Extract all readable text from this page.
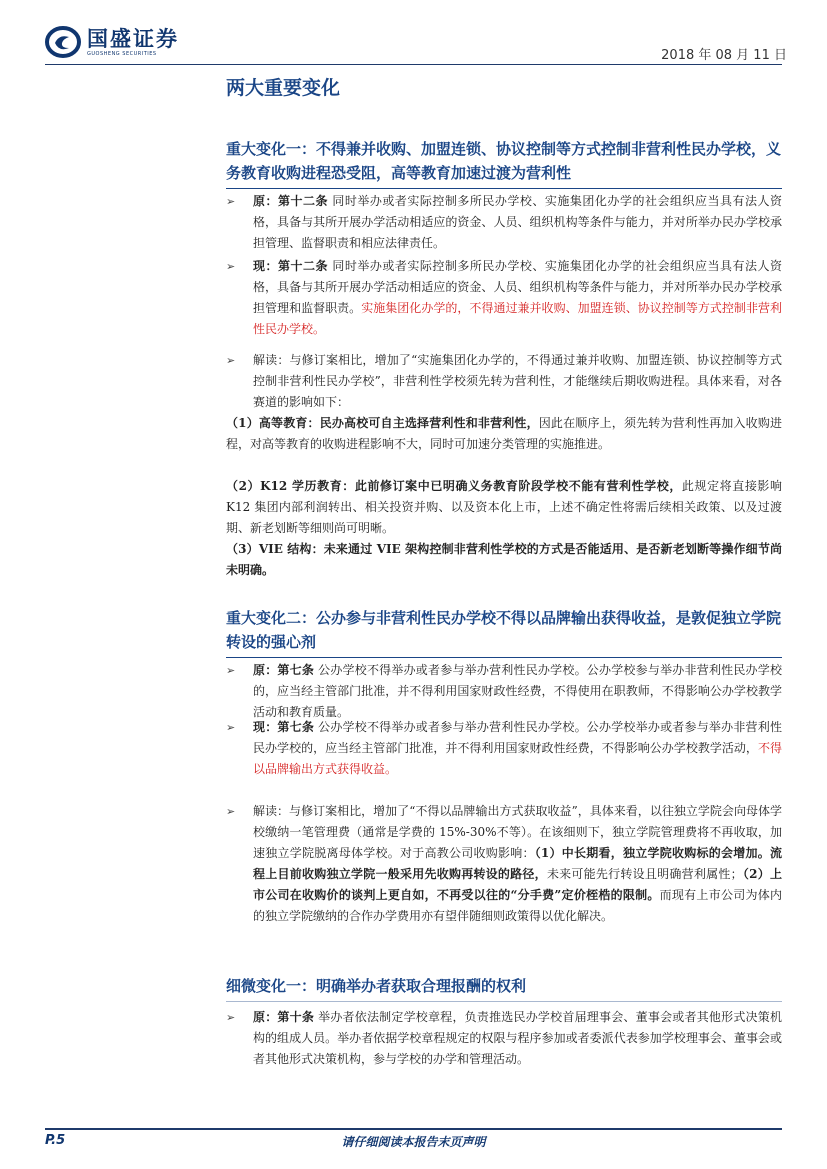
国盛证券
GUOSHENG SECURITIES	2018 年 08 月 11 日
两大重要变化
重大变化一：不得兼并收购、加盟连锁、协议控制等方式控制非营利性民办学校，义务教育收购进程恐受阻，高等教育加速过渡为营利性
➢	原：第十二条 同时举办或者实际控制多所民办学校、实施集团化办学的社会组织应当具有法人资格，具备与其所开展办学活动相适应的资金、人员、组织机构等条件与能力，并对所举办民办学校承担管理、监督职责和相应法律责任。
➢	现：第十二条 同时举办或者实际控制多所民办学校、实施集团化办学的社会组织应当具有法人资格，具备与其所开展办学活动相适应的资金、人员、组织机构等条件与能力，并对所举办民办学校承担管理和监督职责。实施集团化办学的，不得通过兼并收购、加盟连锁、协议控制等方式控制非营利性民办学校。
➢	解读：与修订案相比，增加了“实施集团化办学的，不得通过兼并收购、加盟连锁、协议控制等方式控制非营利性民办学校”，非营利性学校须先转为营利性，才能继续后期收购进程。具体来看，对各赛道的影响如下：
（1）高等教育：民办高校可自主选择营利性和非营利性，因此在顺序上，须先转为营利性再加入收购进程，对高等教育的收购进程影响不大，同时可加速分类管理的实施推进。
（2）K12 学历教育：此前修订案中已明确义务教育阶段学校不能有营利性学校，此规定将直接影响 K12 集团内部利润转出、相关投资并购、以及资本化上市，上述不确定性将需后续相关政策、以及过渡期、新老划断等细则尚可明晰。
（3）VIE 结构：未来通过 VIE 架构控制非营利性学校的方式是否能适用、是否新老划断等操作细节尚未明确。
重大变化二：公办参与非营利性民办学校不得以品牌输出获得收益，是敦促独立学院转设的强心剂
➢	原：第七条 公办学校不得举办或者参与举办营利性民办学校。公办学校参与举办非营利性民办学校的，应当经主管部门批准，并不得利用国家财政性经费，不得使用在职教师，不得影响公办学校教学活动和教育质量。
➢	现：第七条 公办学校不得举办或者参与举办营利性民办学校。公办学校举办或者参与举办非营利性民办学校的，应当经主管部门批准，并不得利用国家财政性经费，不得影响公办学校教学活动，不得以品牌输出方式获得收益。
➢	解读：与修订案相比，增加了“不得以品牌输出方式获取收益”，具体来看，以往独立学院会向母体学校缴纳一笔管理费（通常是学费的 15%-30%不等）。在该细则下，独立学院管理费将不再收取，加速独立学院脱离母体学校。对于高教公司收购影响：（1）中长期看，独立学院收购标的会增加。流程上目前收购独立学院一般采用先收购再转设的路径，未来可能先行转设且明确营利属性；（2）上市公司在收购价的谈判上更自如，不再受以往的“分手费”定价桎梏的限制。而现有上市公司为体内的独立学院缴纳的合作办学费用亦有望伴随细则政策得以优化解决。
细微变化一：明确举办者获取合理报酬的权利
➢	原：第十条 举办者依法制定学校章程，负责推选民办学校首届理事会、董事会或者其他形式决策机构的组成人员。举办者依据学校章程规定的权限与程序参加或者委派代表参加学校理事会、董事会或者其他形式决策机构，参与学校的办学和管理活动。
P.5	请仔细阅读本报告末页声明
